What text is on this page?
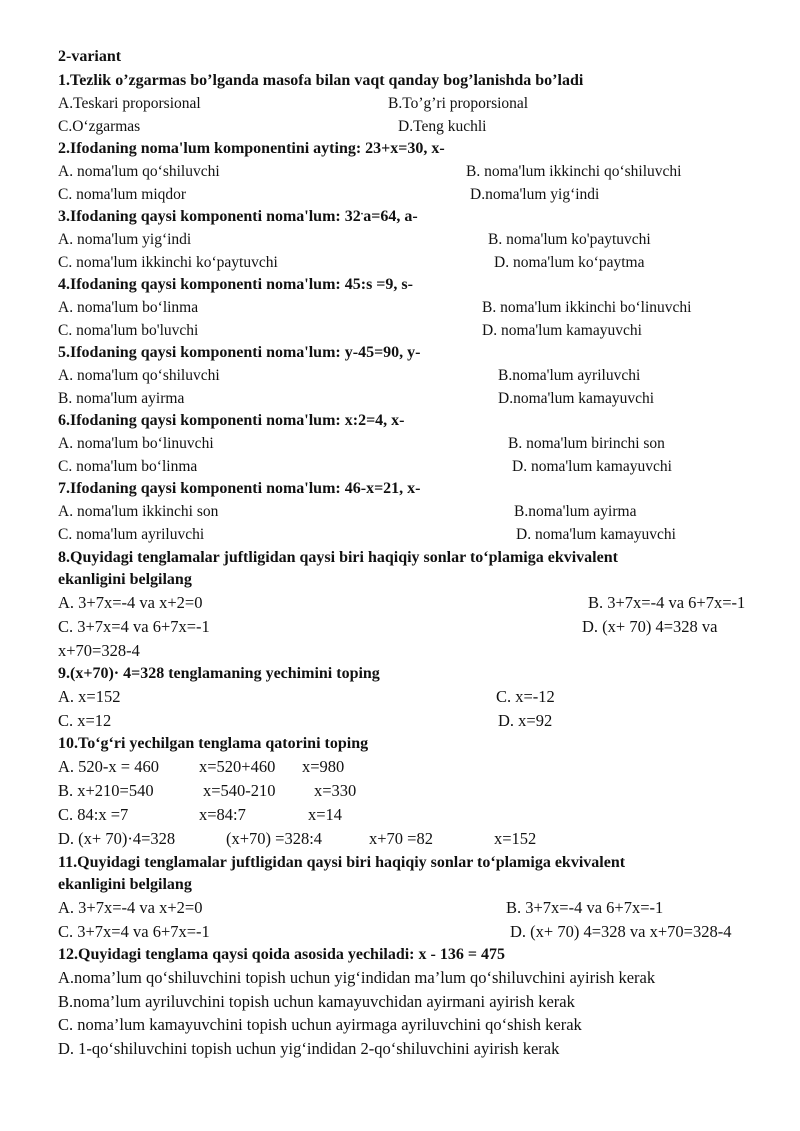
2-variant
1.Tezlik o’zgarmas bo’lganda masofa bilan vaqt qanday bog’lanishda bo’ladi
A.Teskari proporsional	B.To’g’ri proporsional
C.O‘zgarmas	D.Teng kuchli
2.Ifodaning noma'lum komponentini ayting: 23+x=30, x-
A. noma'lum qo‘shiluvchi	B. noma'lum ikkinchi qo‘shiluvchi
C. noma'lum miqdor	D.noma'lum yig‘indi
3.Ifodaning qaysi komponenti noma'lum: 32.a=64, a-
A. noma'lum yig‘indi	B. noma'lum ko'paytuvchi
C. noma'lum ikkinchi ko‘paytuvchi	D. noma'lum ko‘paytma
4.Ifodaning qaysi komponenti noma'lum: 45:s =9, s-
A. noma'lum bo‘linma	B. noma'lum ikkinchi bo‘linuvchi
C. noma'lum bo'luvchi	D. noma'lum kamayuvchi
5.Ifodaning qaysi komponenti noma'lum: y-45=90, y-
A. noma'lum qo‘shiluvchi	B.noma'lum ayriluvchi
B. noma'lum ayirma	D.noma'lum kamayuvchi
6.Ifodaning qaysi komponenti noma'lum: x:2=4, x-
A. noma'lum bo‘linuvchi	B. noma'lum birinchi son
C. noma'lum bo‘linma	D. noma'lum kamayuvchi
7.Ifodaning qaysi komponenti noma'lum: 46-x=21, x-
A. noma'lum ikkinchi son	B.noma'lum ayirma
C. noma'lum ayriluvchi	D. noma'lum kamayuvchi
8.Quyidagi tenglamalar juftligidan qaysi biri haqiqiy sonlar to‘plamiga ekvivalent
ekanligini belgilang
A. 3+7x=-4 va x+2=0	B. 3+7x=-4 va 6+7x=-1
C. 3+7x=4 va 6+7x=-1	D. (x+ 70) 4=328 va
x+70=328-4
9.(x+70)· 4=328 tenglamaning yechimini toping
A. x=152	C. x=-12
C. x=12	D. x=92
10.To‘g‘ri yechilgan tenglama qatorini toping
A. 520-x = 460 x=520+460 x=980
B. x+210=540	x=540-210 x=330
C. 84:x =7	x=84:7	x=14
D. (x+ 70)·4=328	(x+70) =328:4	x+70 =82	x=152
11.Quyidagi tenglamalar juftligidan qaysi biri haqiqiy sonlar to‘plamiga ekvivalent
ekanligini belgilang
A. 3+7x=-4 va x+2=0	B. 3+7x=-4 va 6+7x=-1
C. 3+7x=4 va 6+7x=-1	D. (x+ 70) 4=328 va x+70=328-4
12.Quyidagi tenglama qaysi qoida asosida yechiladi: x - 136 = 475
A.noma’lum qo‘shiluvchini topish uchun yig‘indidan ma’lum qo‘shiluvchini ayirish kerak
B.noma’lum ayriluvchini topish uchun kamayuvchidan ayirmani ayirish kerak
C. noma’lum kamayuvchini topish uchun ayirmaga ayriluvchini qo‘shish kerak
D. 1-qo‘shiluvchini topish uchun yig‘indidan 2-qo‘shiluvchini ayirish kerak
